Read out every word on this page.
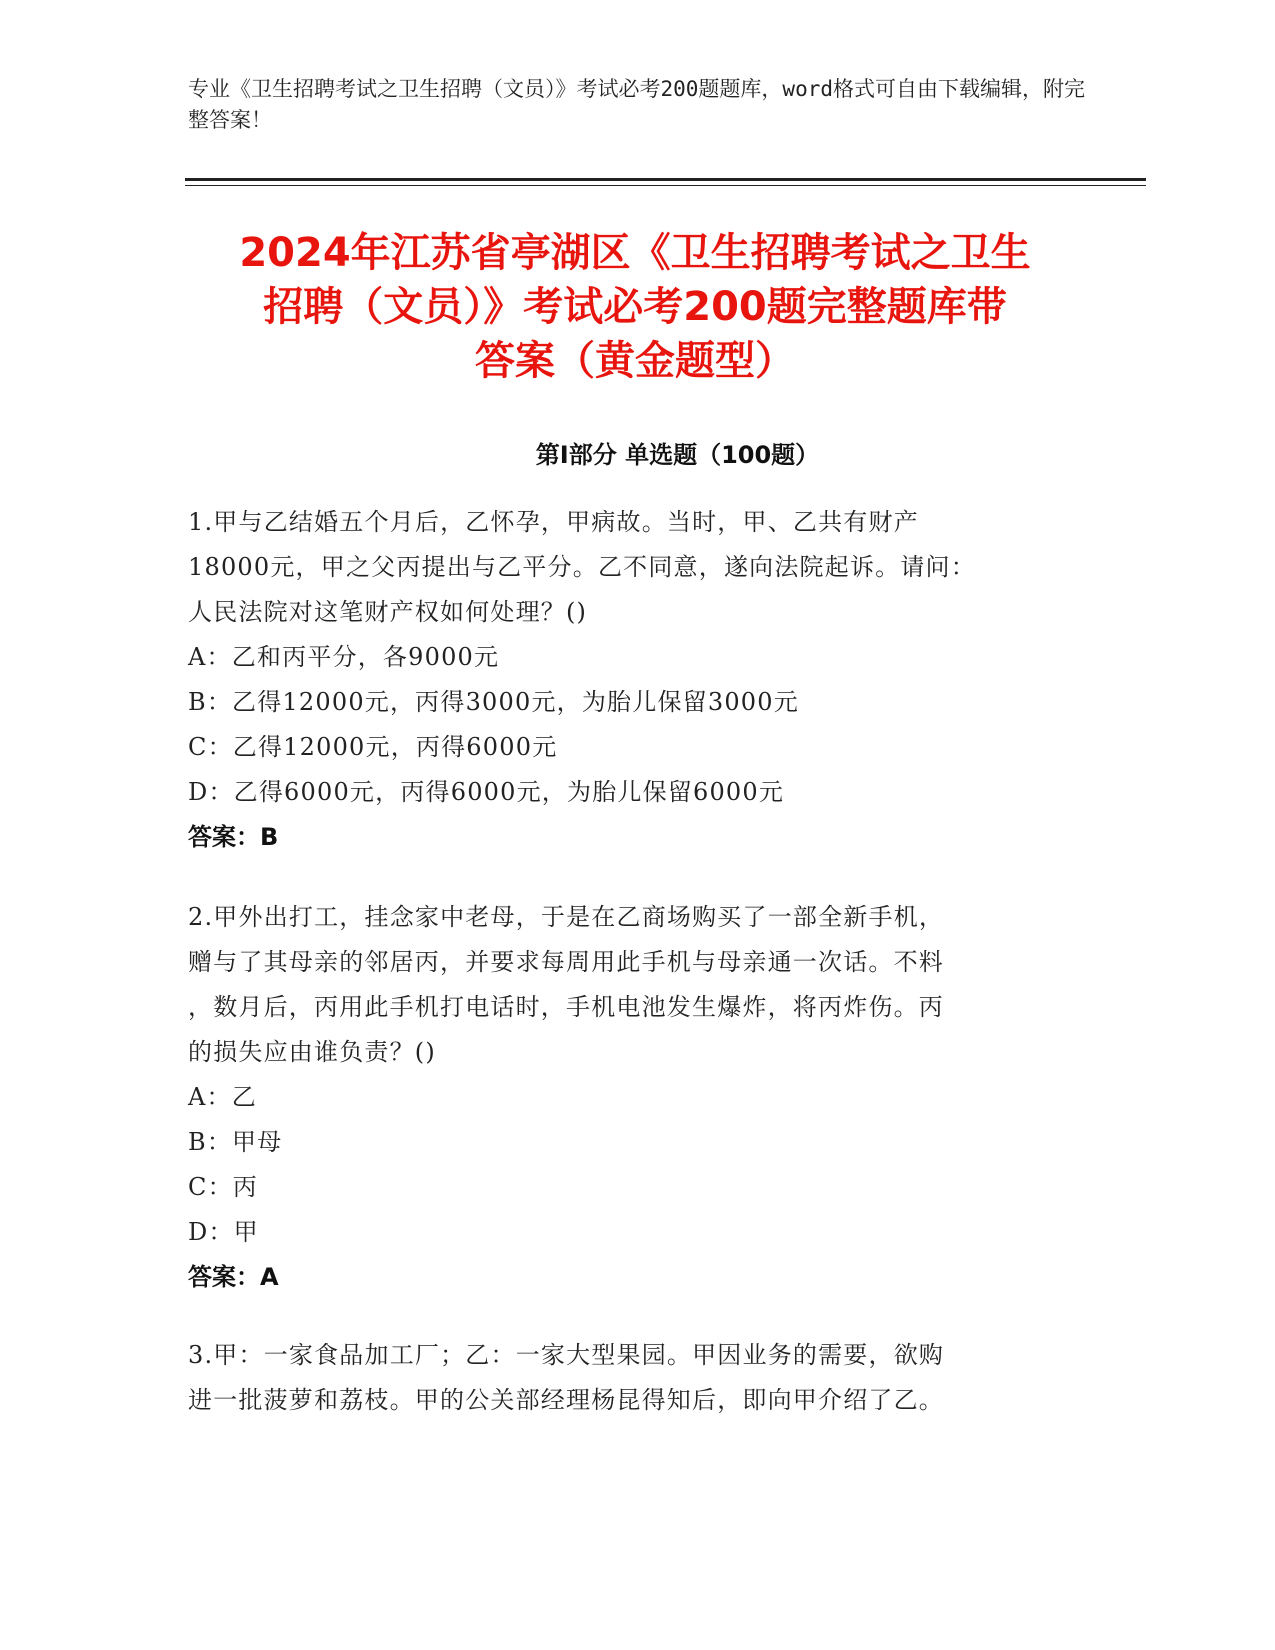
专业《卫生招聘考试之卫生招聘（文员）》考试必考200题题库，word格式可自由下载编辑，附完整答案！
2024年江苏省亭湖区《卫生招聘考试之卫生
招聘（文员）》考试必考200题完整题库带
答案（黄金题型）
第I部分 单选题（100题）

1.甲与乙结婚五个月后，乙怀孕，甲病故。当时，甲、乙共有财产

18000元，甲之父丙提出与乙平分。乙不同意，遂向法院起诉。请问：

人民法院对这笔财产权如何处理？()

A：乙和丙平分，各9000元

B：乙得12000元，丙得3000元，为胎儿保留3000元

C：乙得12000元，丙得6000元

D：乙得6000元，丙得6000元，为胎儿保留6000元

答案：B

2.甲外出打工，挂念家中老母，于是在乙商场购买了一部全新手机，

赠与了其母亲的邻居丙，并要求每周用此手机与母亲通一次话。不料

，数月后，丙用此手机打电话时，手机电池发生爆炸，将丙炸伤。丙

的损失应由谁负责？()

A：乙

B：甲母

C：丙

D：甲

答案：A

3.甲：一家食品加工厂；乙：一家大型果园。甲因业务的需要，欲购

进一批菠萝和荔枝。甲的公关部经理杨昆得知后，即向甲介绍了乙。
